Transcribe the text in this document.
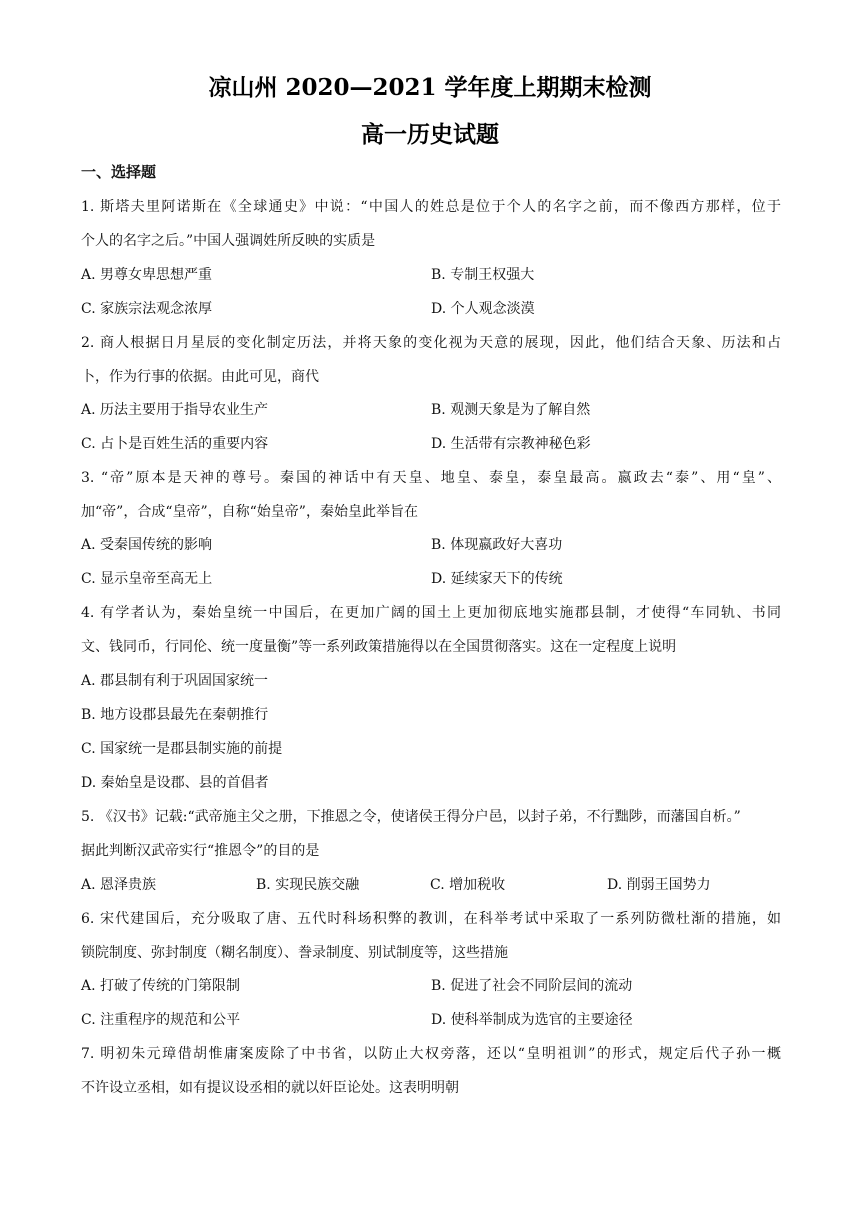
凉山州 2020—2021 学年度上期期末检测
高一历史试题
一、选择题
1. 斯塔夫里阿诺斯在《全球通史》中说：“中国人的姓总是位于个人的名字之前，而不像西方那样，位于
个人的名字之后。”中国人强调姓所反映的实质是
A. 男尊女卑思想严重	B. 专制王权强大
C. 家族宗法观念浓厚	D. 个人观念淡漠
2. 商人根据日月星辰的变化制定历法，并将天象的变化视为天意的展现，因此，他们结合天象、历法和占
卜，作为行事的依据。由此可见，商代
A. 历法主要用于指导农业生产	B. 观测天象是为了解自然
C. 占卜是百姓生活的重要内容	D. 生活带有宗教神秘色彩
3. “帝”原本是天神的尊号。秦国的神话中有天皇、地皇、泰皇，泰皇最高。嬴政去“泰”、用“皇”、
加“帝”，合成“皇帝”，自称“始皇帝”，秦始皇此举旨在
A. 受秦国传统的影响	B. 体现嬴政好大喜功
C. 显示皇帝至高无上	D. 延续家天下的传统
4. 有学者认为，秦始皇统一中国后，在更加广阔的国土上更加彻底地实施郡县制，才使得“车同轨、书同
文、钱同币，行同伦、统一度量衡”等一系列政策措施得以在全国贯彻落实。这在一定程度上说明
A. 郡县制有利于巩固国家统一
B. 地方设郡县最先在秦朝推行
C. 国家统一是郡县制实施的前提
D. 秦始皇是设郡、县的首倡者
5. 《汉书》记载:“武帝施主父之册，下推恩之令，使诸侯王得分户邑，以封子弟，不行黜陟，而藩国自析。”
据此判断汉武帝实行“推恩令”的目的是
A. 恩泽贵族	B. 实现民族交融	C. 增加税收	D. 削弱王国势力
6. 宋代建国后，充分吸取了唐、五代时科场积弊的教训，在科举考试中采取了一系列防微杜渐的措施，如
锁院制度、弥封制度（糊名制度）、誊录制度、别试制度等，这些措施
A. 打破了传统的门第限制	B. 促进了社会不同阶层间的流动
C. 注重程序的规范和公平	D. 使科举制成为选官的主要途径
7. 明初朱元璋借胡惟庸案废除了中书省，以防止大权旁落，还以“皇明祖训”的形式，规定后代子孙一概
不许设立丞相，如有提议设丞相的就以奸臣论处。这表明明朝
